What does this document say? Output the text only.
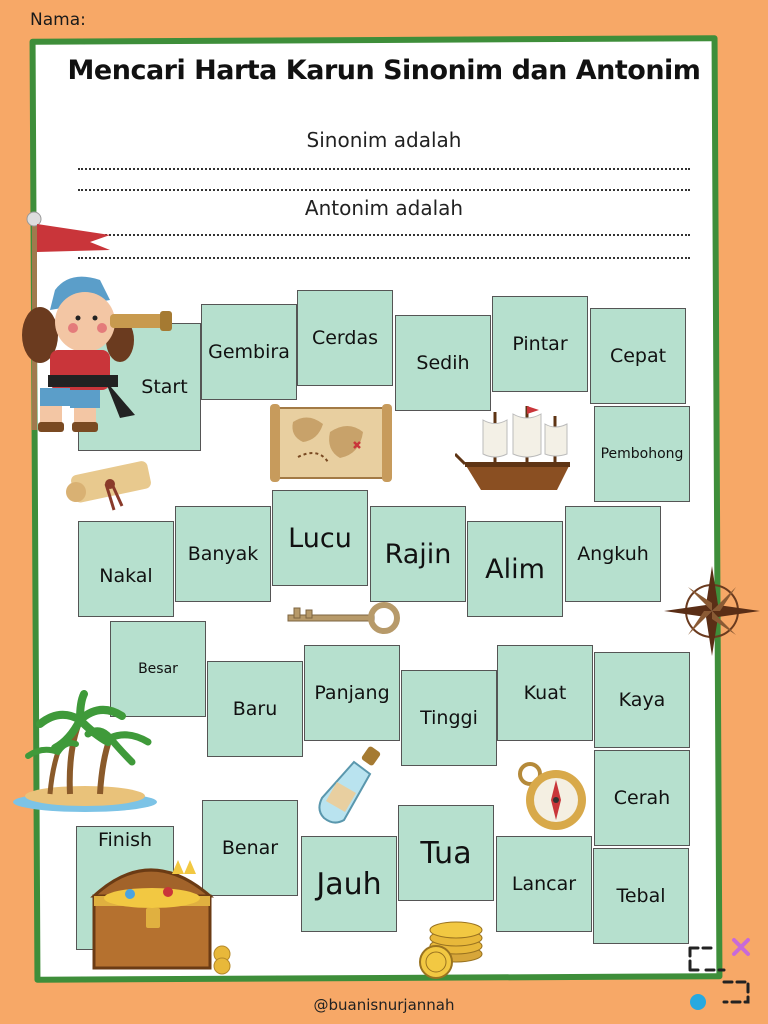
Nama:
Mencari Harta Karun Sinonim dan Antonim
Sinonim adalah
Antonim adalah
Start
Gembira
Cerdas
Sedih
Pintar
Cepat
Pembohong
Nakal
Banyak
Lucu
Rajin Alim Angkuh
Besar
Baru
Panjang
Tinggi
Kuat	Kaya
Cerah
Finish	Benar
Jauh
Tua
Lancar
Tebal
@buanisnurjannah
